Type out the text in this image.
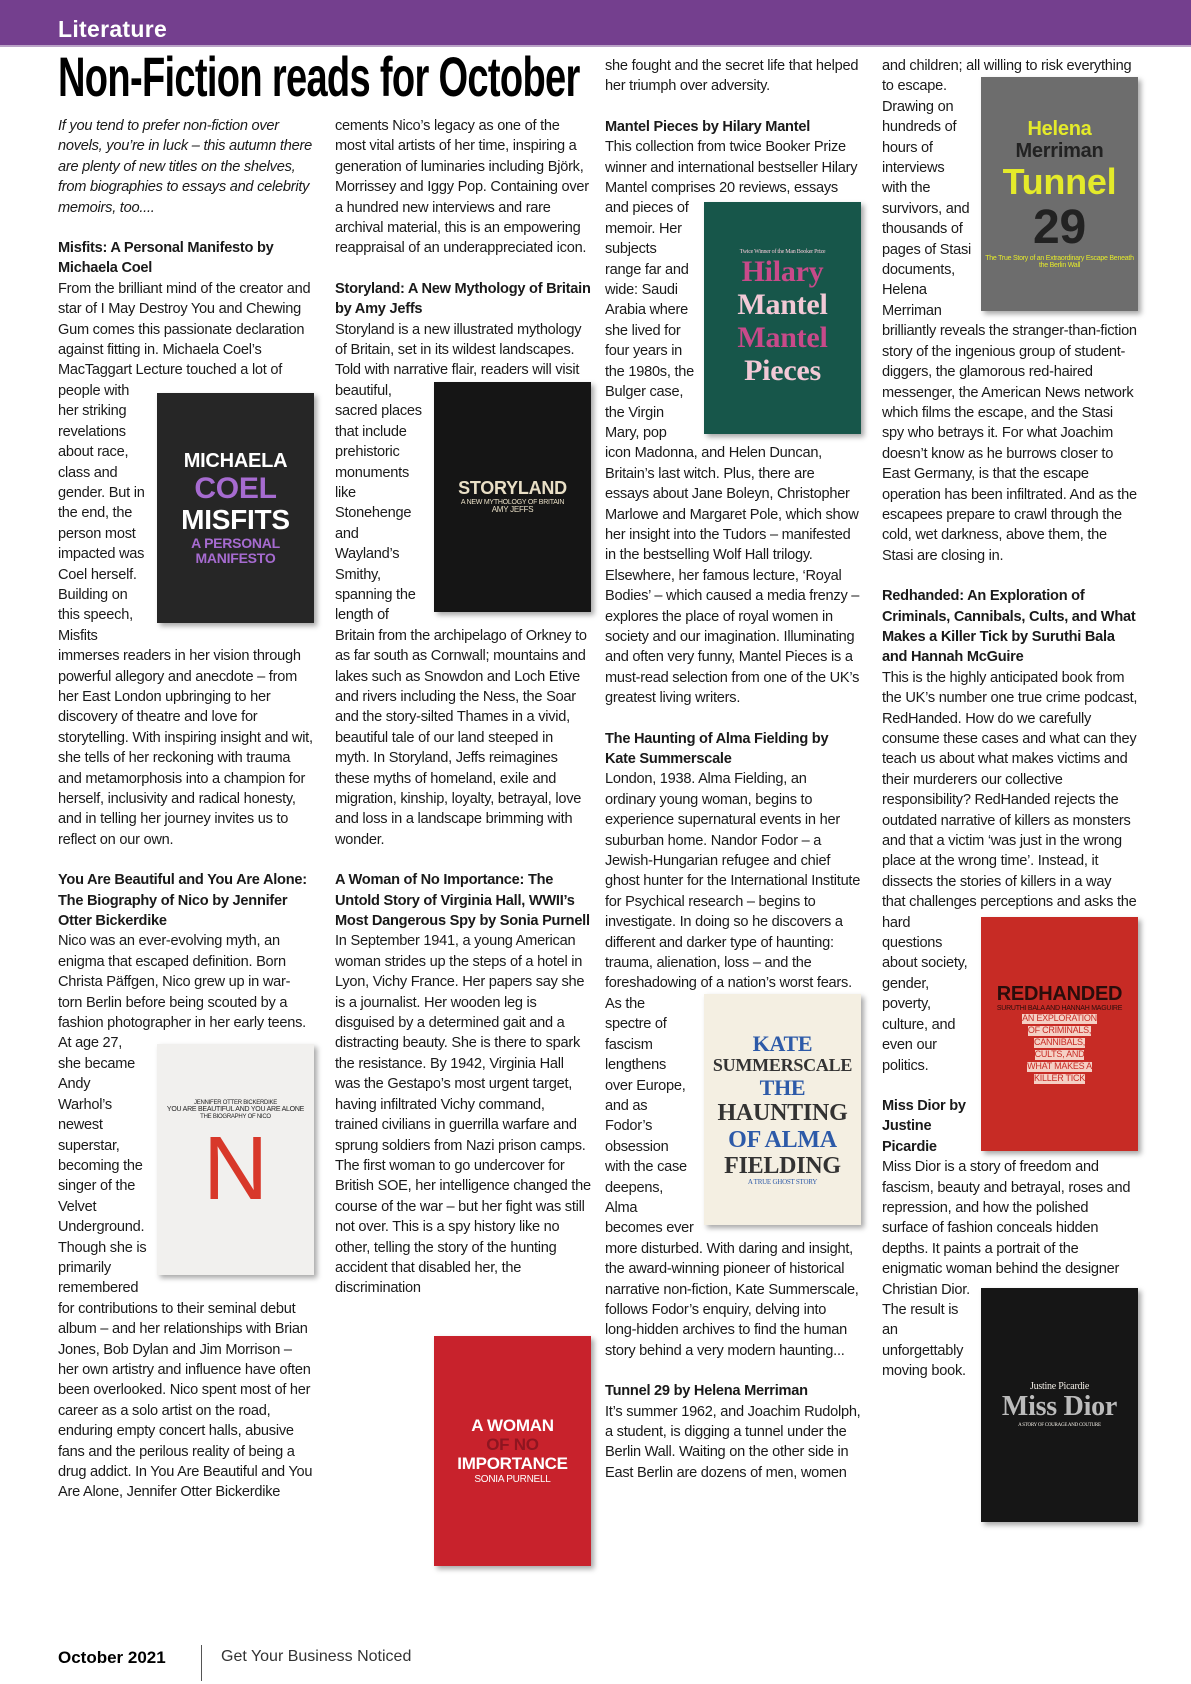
Literature
Non-Fiction reads for October
MICHAELA
COEL
MISFITS
A PERSONAL MANIFESTO
JENNIFER OTTER BICKERDIKE
YOU ARE BEAUTIFUL AND YOU ARE ALONE
THE BIOGRAPHY OF NICO
N

If you tend to prefer non-fiction over novels, you’re in luck – this autumn there are plenty of new titles on the shelves, from biographies to essays and celebrity memoirs, too....

Misfits: A Personal Manifesto by Michaela Coel

From the brilliant mind of the creator and star of I May Destroy You and Chewing Gum comes this passionate declaration against fitting in. Michaela Coel’s MacTaggart Lecture touched a lot of people with her striking revelations about race, class and gender. But in the end, the person most impacted was Coel herself. Building on this speech, Misfits immerses readers in her vision through powerful allegory and anecdote – from her East London upbringing to her discovery of theatre and love for storytelling. With inspiring insight and wit, she tells of her reckoning with trauma and metamorphosis into a champion for herself, inclusivity and radical honesty, and in telling her journey invites us to reflect on our own.

You Are Beautiful and You Are Alone: The Biography of Nico by Jennifer Otter Bickerdike

Nico was an ever-evolving myth, an enigma that escaped definition. Born Christa Päffgen, Nico grew up in war-torn Berlin before being scouted by a fashion photographer in her early teens. At age 27, she became Andy Warhol’s newest superstar, becoming the singer of the Velvet Underground. Though she is primarily remembered for contributions to their seminal debut album – and her relationships with Brian Jones, Bob Dylan and Jim Morrison – her own artistry and influence have often been overlooked. Nico spent most of her career as a solo artist on the road, enduring empty concert halls, abusive fans and the perilous reality of being a drug addict. In You Are Beautiful and You Are Alone, Jennifer Otter Bickerdike

STORYLAND
A NEW MYTHOLOGY OF BRITAIN
AMY JEFFS
A WOMAN
OF NO
IMPORTANCE
SONIA PURNELL

cements Nico’s legacy as one of the most vital artists of her time, inspiring a generation of luminaries including Björk, Morrissey and Iggy Pop. Containing over a hundred new interviews and rare archival material, this is an empowering reappraisal of an underappreciated icon.

Storyland: A New Mythology of Britain by Amy Jeffs

Storyland is a new illustrated mythology of Britain, set in its wildest landscapes. Told with narrative flair, readers will visit beautiful, sacred places that include prehistoric monuments like Stonehenge and Wayland’s Smithy, spanning the length of Britain from the archipelago of Orkney to as far south as Cornwall; mountains and lakes such as Snowdon and Loch Etive and rivers including the Ness, the Soar and the story-silted Thames in a vivid, beautiful tale of our land steeped in myth. In Storyland, Jeffs reimagines these myths of homeland, exile and migration, kinship, loyalty, betrayal, love and loss in a landscape brimming with wonder.

A Woman of No Importance: The Untold Story of Virginia Hall, WWII’s Most Dangerous Spy by Sonia Purnell

In September 1941, a young American woman strides up the steps of a hotel in Lyon, Vichy France. Her papers say she is a journalist. Her wooden leg is disguised by a determined gait and a distracting beauty. She is there to spark the resistance. By 1942, Virginia Hall was the Gestapo’s most urgent target, having infiltrated Vichy command, trained civilians in guerrilla warfare and sprung soldiers from Nazi prison camps. The first woman to go undercover for British SOE, her intelligence changed the course of the war – but her fight was still not over. This is a spy history like no other, telling the story of the hunting accident that disabled her, the discrimination

Twice Winner of the Man Booker Prize
Hilary
Mantel
Mantel
Pieces
KATE
SUMMERSCALE
THE
HAUNTING
OF ALMA
FIELDING
A TRUE GHOST STORY

she fought and the secret life that helped her triumph over adversity.

Mantel Pieces by Hilary Mantel

This collection from twice Booker Prize winner and international bestseller Hilary Mantel comprises 20 reviews, essays and pieces of memoir. Her subjects range far and wide: Saudi Arabia where she lived for four years in the 1980s, the Bulger case, the Virgin Mary, pop icon Madonna, and Helen Duncan, Britain’s last witch. Plus, there are essays about Jane Boleyn, Christopher Marlowe and Margaret Pole, which show her insight into the Tudors – manifested in the bestselling Wolf Hall trilogy. Elsewhere, her famous lecture, ‘Royal Bodies’ – which caused a media frenzy – explores the place of royal women in society and our imagination. Illuminating and often very funny, Mantel Pieces is a must-read selection from one of the UK’s greatest living writers.

The Haunting of Alma Fielding by Kate Summerscale

London, 1938. Alma Fielding, an ordinary young woman, begins to experience supernatural events in her suburban home. Nandor Fodor – a Jewish-Hungarian refugee and chief ghost hunter for the International Institute for Psychical research – begins to investigate. In doing so he discovers a different and darker type of haunting: trauma, alienation, loss – and the foreshadowing of a nation’s worst fears. As the spectre of fascism lengthens over Europe, and as Fodor’s obsession with the case deepens, Alma becomes ever more disturbed. With daring and insight, the award-winning pioneer of historical narrative non-fiction, Kate Summerscale, follows Fodor’s enquiry, delving into long-hidden archives to find the human story behind a very modern haunting...

Tunnel 29 by Helena Merriman

It’s summer 1962, and Joachim Rudolph, a student, is digging a tunnel under the Berlin Wall. Waiting on the other side in East Berlin are dozens of men, women

Helena
Merriman
Tunnel
29
The True Story of an Extraordinary Escape Beneath the Berlin Wall
REDHANDED
SURUTHI BALA AND HANNAH MAGUIRE
AN EXPLORATION
OF CRIMINALS,
CANNIBALS,
CULTS, AND
WHAT MAKES A
KILLER TICK
Justine Picardie
Miss Dior
A STORY OF COURAGE AND COUTURE

and children; all willing to risk everything to escape. Drawing on hundreds of hours of interviews with the survivors, and thousands of pages of Stasi documents, Helena Merriman brilliantly reveals the stranger-than-fiction story of the ingenious group of student-diggers, the glamorous red-haired messenger, the American News network which films the escape, and the Stasi spy who betrays it. For what Joachim doesn’t know as he burrows closer to East Germany, is that the escape operation has been infiltrated. And as the escapees prepare to crawl through the cold, wet darkness, above them, the Stasi are closing in.

Redhanded: An Exploration of Criminals, Cannibals, Cults, and What Makes a Killer Tick by Suruthi Bala and Hannah McGuire

This is the highly anticipated book from the UK’s number one true crime podcast, RedHanded. How do we carefully consume these cases and what can they teach us about what makes victims and their murderers our collective responsibility? RedHanded rejects the outdated narrative of killers as monsters and that a victim ‘was just in the wrong place at the wrong time’. Instead, it dissects the stories of killers in a way that challenges perceptions and asks the hard questions about society, gender, poverty, culture, and even our politics.

Miss Dior by Justine Picardie

Miss Dior is a story of freedom and fascism, beauty and betrayal, roses and repression, and how the polished surface of fashion conceals hidden depths. It paints a portrait of the enigmatic woman behind the designer Christian Dior. The result is an unforgettably moving book.

October 2021	Get Your Business Noticed
